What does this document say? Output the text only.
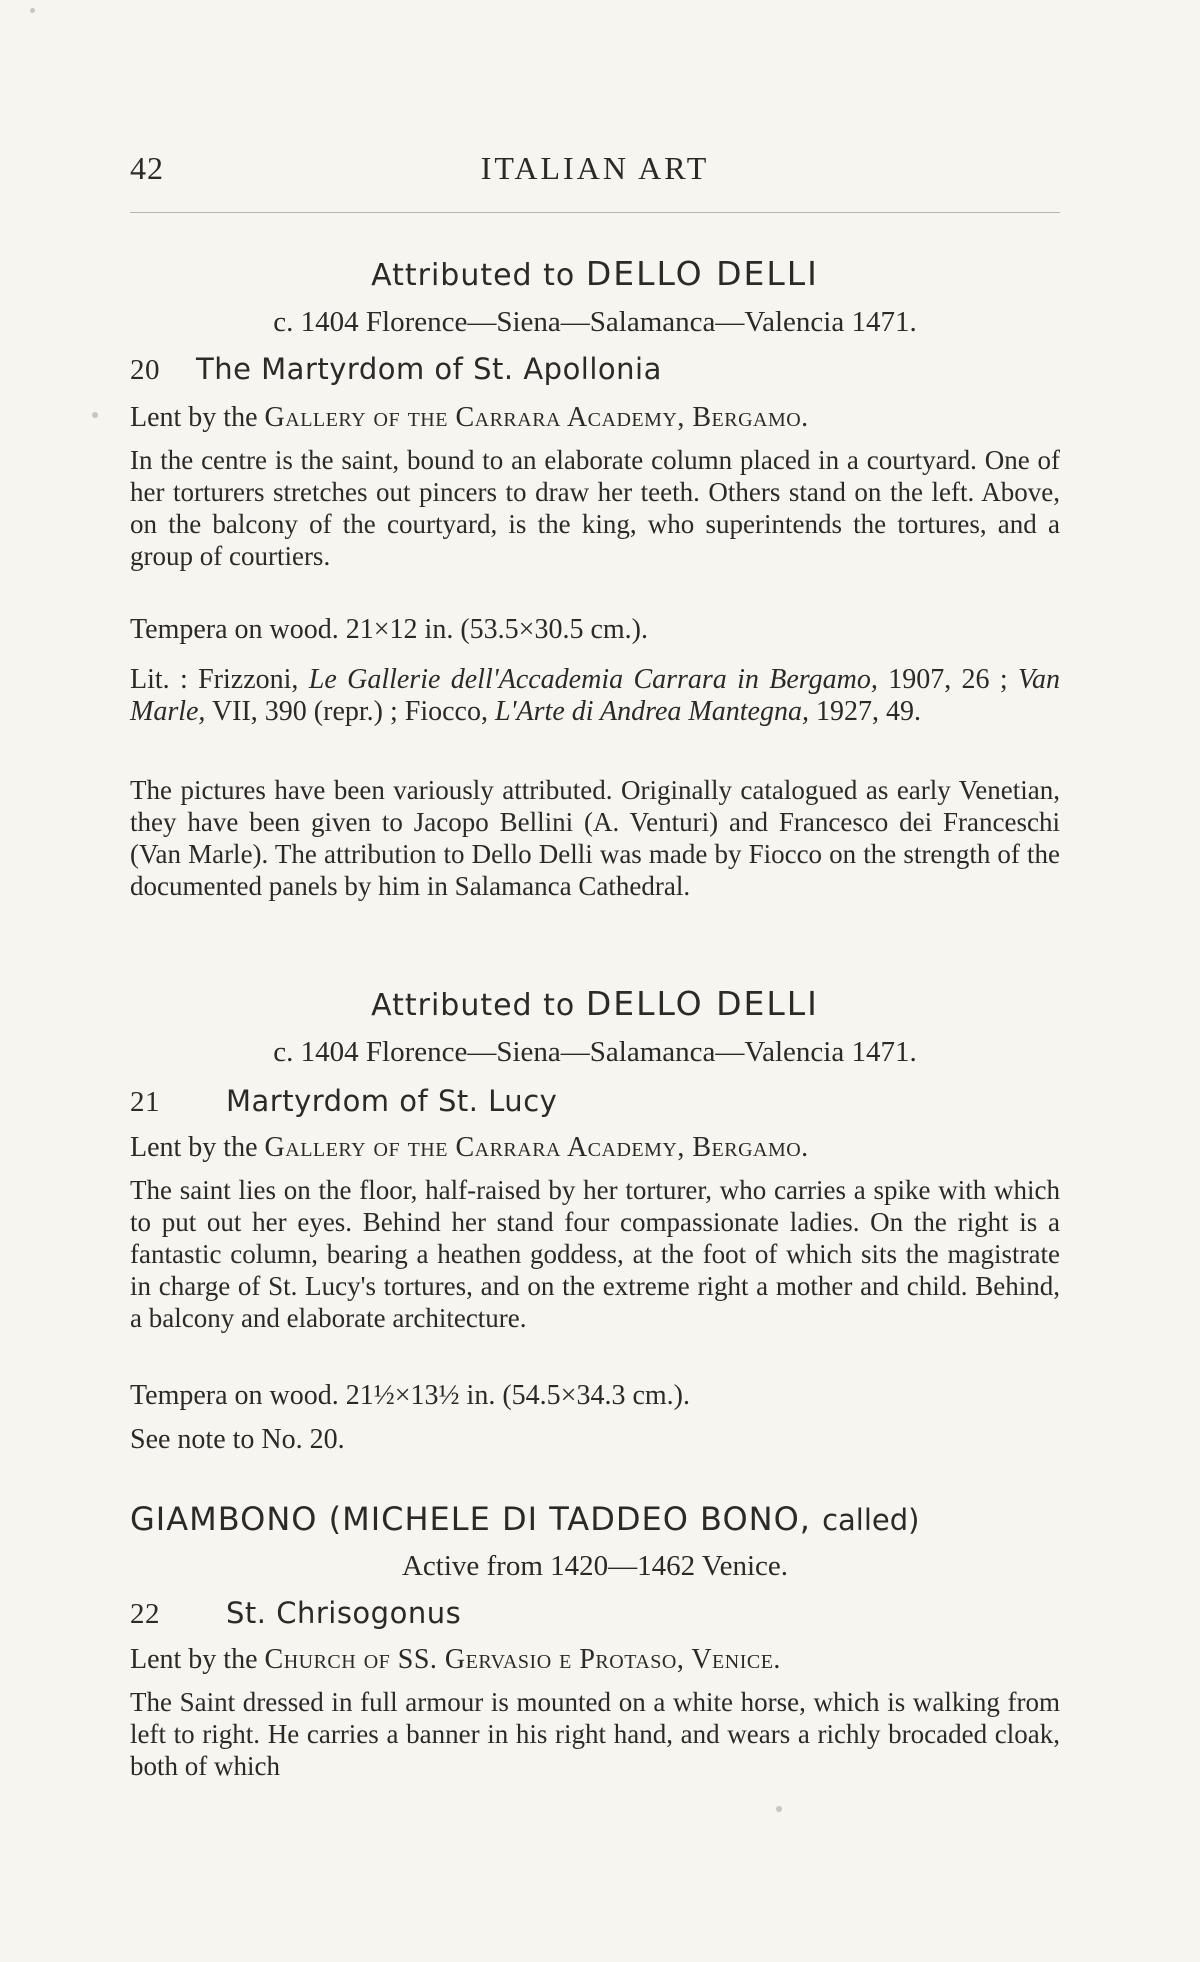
ITALIAN ART
42
Attributed to DELLO DELLI
c. 1404 Florence—Siena—Salamanca—Valencia 1471.
20 The Martyrdom of St. Apollonia
Lent by the Gallery of the Carrara Academy, Bergamo.
In the centre is the saint, bound to an elaborate column placed in a courtyard. One of her torturers stretches out pincers to draw her teeth. Others stand on the left. Above, on the balcony of the courtyard, is the king, who superintends the tortures, and a group of courtiers.
Tempera on wood. 21×12 in. (53.5×30.5 cm.).
Lit. : Frizzoni, Le Gallerie dell'Accademia Carrara in Bergamo, 1907, 26 ; Van Marle, VII, 390 (repr.) ; Fiocco, L'Arte di Andrea Mantegna, 1927, 49.
The pictures have been variously attributed. Originally catalogued as early Venetian, they have been given to Jacopo Bellini (A. Venturi) and Francesco dei Franceschi (Van Marle). The attribution to Dello Delli was made by Fiocco on the strength of the documented panels by him in Salamanca Cathedral.
Attributed to DELLO DELLI
c. 1404 Florence—Siena—Salamanca—Valencia 1471.
21 Martyrdom of St. Lucy
Lent by the Gallery of the Carrara Academy, Bergamo.
The saint lies on the floor, half-raised by her torturer, who carries a spike with which to put out her eyes. Behind her stand four compassionate ladies. On the right is a fantastic column, bearing a heathen goddess, at the foot of which sits the magistrate in charge of St. Lucy's tortures, and on the extreme right a mother and child. Behind, a balcony and elaborate architecture.
Tempera on wood. 21½×13½ in. (54.5×34.3 cm.).
See note to No. 20.
GIAMBONO (MICHELE DI TADDEO BONO, called)
Active from 1420—1462 Venice.
22 St. Chrisogonus
Lent by the Church of SS. Gervasio e Protaso, Venice.
The Saint dressed in full armour is mounted on a white horse, which is walking from left to right. He carries a banner in his right hand, and wears a richly brocaded cloak, both of which
